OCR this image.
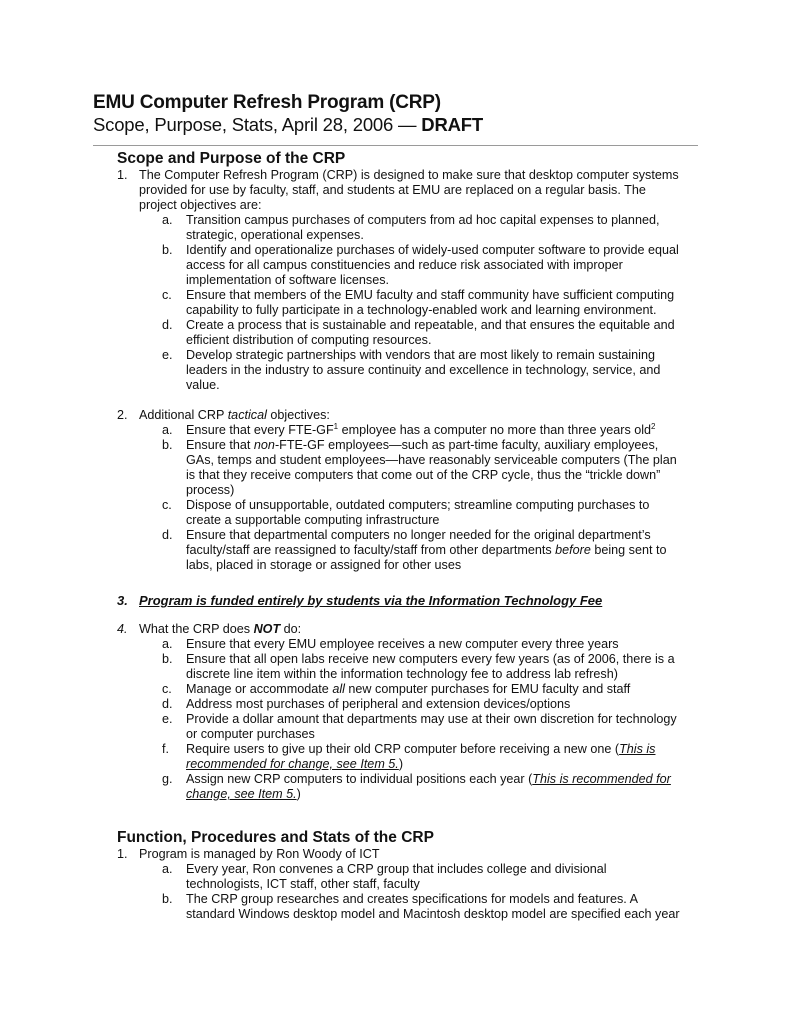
EMU Computer Refresh Program (CRP)
Scope, Purpose, Stats, April 28, 2006 — DRAFT
Scope and Purpose of the CRP
1. The Computer Refresh Program (CRP) is designed to make sure that desktop computer systems
provided for use by faculty, staff, and students at EMU are replaced on a regular basis. The
project objectives are:
a. Transition campus purchases of computers from ad hoc capital expenses to planned,
strategic, operational expenses.
b. Identify and operationalize purchases of widely-used computer software to provide equal
access for all campus constituencies and reduce risk associated with improper
implementation of software licenses.
c. Ensure that members of the EMU faculty and staff community have sufficient computing
capability to fully participate in a technology-enabled work and learning environment.
d. Create a process that is sustainable and repeatable, and that ensures the equitable and
efficient distribution of computing resources.
e. Develop strategic partnerships with vendors that are most likely to remain sustaining
leaders in the industry to assure continuity and excellence in technology, service, and
value.
2. Additional CRP tactical objectives:
a. Ensure that every FTE-$GF^1$ employee has a computer no more than three years old$^2$
b. Ensure that non-FTE-GF employees—such as part-time faculty, auxiliary employees,
GAs, temps and student employees—have reasonably serviceable computers (The plan
is that they receive computers that come out of the CRP cycle, thus the “trickle down”
process)
c. Dispose of unsupportable, outdated computers; streamline computing purchases to
create a supportable computing infrastructure
d. Ensure that departmental computers no longer needed for the original department’s
faculty/staff are reassigned to faculty/staff from other departments before being sent to
labs, placed in storage or assigned for other uses
3. Program is funded entirely by students via the Information Technology Fee
4. What the CRP does NOT do:
a. Ensure that every EMU employee receives a new computer every three years
b. Ensure that all open labs receive new computers every few years (as of 2006, there is a
discrete line item within the information technology fee to address lab refresh)
c. Manage or accommodate all new computer purchases for EMU faculty and staff
d. Address most purchases of peripheral and extension devices/options
e. Provide a dollar amount that departments may use at their own discretion for technology
or computer purchases
f. Require users to give up their old CRP computer before receiving a new one (This is
recommended for change, see Item 5.)
g. Assign new CRP computers to individual positions each year (This is recommended for
change, see Item 5.)
Function, Procedures and Stats of the CRP
1. Program is managed by Ron Woody of ICT
a. Every year, Ron convenes a CRP group that includes college and divisional
technologists, ICT staff, other staff, faculty
b. The CRP group researches and creates specifications for models and features. A
standard Windows desktop model and Macintosh desktop model are specified each year
